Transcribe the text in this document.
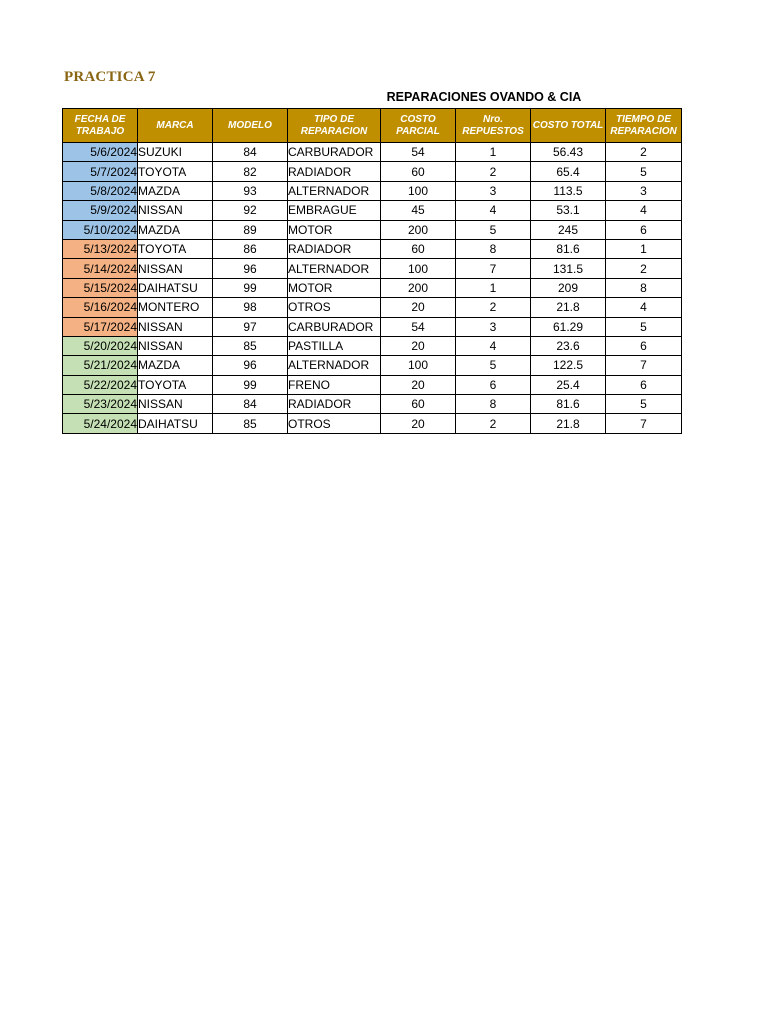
PRACTICA 7
REPARACIONES OVANDO & CIA
FECHA DE TRABAJO	MARCA	MODELO	TIPO DE REPARACION	COSTO PARCIAL	Nro. REPUESTOS	COSTO TOTAL	TIEMPO DE REPARACION
5/6/2024	SUZUKI	84	CARBURADOR	54	1	56.43	2
5/7/2024	TOYOTA	82	RADIADOR	60	2	65.4	5
5/8/2024	MAZDA	93	ALTERNADOR	100	3	113.5	3
5/9/2024	NISSAN	92	EMBRAGUE	45	4	53.1	4
5/10/2024	MAZDA	89	MOTOR	200	5	245	6
5/13/2024	TOYOTA	86	RADIADOR	60	8	81.6	1
5/14/2024	NISSAN	96	ALTERNADOR	100	7	131.5	2
5/15/2024	DAIHATSU	99	MOTOR	200	1	209	8
5/16/2024	MONTERO	98	OTROS	20	2	21.8	4
5/17/2024	NISSAN	97	CARBURADOR	54	3	61.29	5
5/20/2024	NISSAN	85	PASTILLA	20	4	23.6	6
5/21/2024	MAZDA	96	ALTERNADOR	100	5	122.5	7
5/22/2024	TOYOTA	99	FRENO	20	6	25.4	6
5/23/2024	NISSAN	84	RADIADOR	60	8	81.6	5
5/24/2024	DAIHATSU	85	OTROS	20	2	21.8	7
